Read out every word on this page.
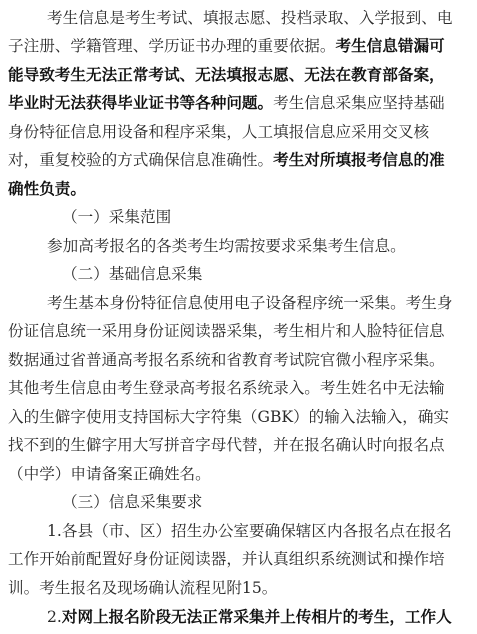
考生信息是考生考试、填报志愿、投档录取、入学报到、电
子注册、学籍管理、学历证书办理的重要依据。考生信息错漏可
能导致考生无法正常考试、无法填报志愿、无法在教育部备案，
毕业时无法获得毕业证书等各种问题。考生信息采集应坚持基础
身份特征信息用设备和程序采集，人工填报信息应采用交叉核
对，重复校验的方式确保信息准确性。考生对所填报考信息的准
确性负责。
（一）采集范围
参加高考报名的各类考生均需按要求采集考生信息。
（二）基础信息采集
考生基本身份特征信息使用电子设备程序统一采集。考生身
份证信息统一采用身份证阅读器采集，考生相片和人脸特征信息
数据通过省普通高考报名系统和省教育考试院官微小程序采集。
其他考生信息由考生登录高考报名系统录入。考生姓名中无法输
入的生僻字使用支持国标大字符集（GBK）的输入法输入，确实
找不到的生僻字用大写拼音字母代替，并在报名确认时向报名点
（中学）申请备案正确姓名。
（三）信息采集要求
1.各县（市、区）招生办公室要确保辖区内各报名点在报名
工作开始前配置好身份证阅读器，并认真组织系统测试和操作培
训。考生报名及现场确认流程见附15。
2.对网上报名阶段无法正常采集并上传相片的考生，工作人
